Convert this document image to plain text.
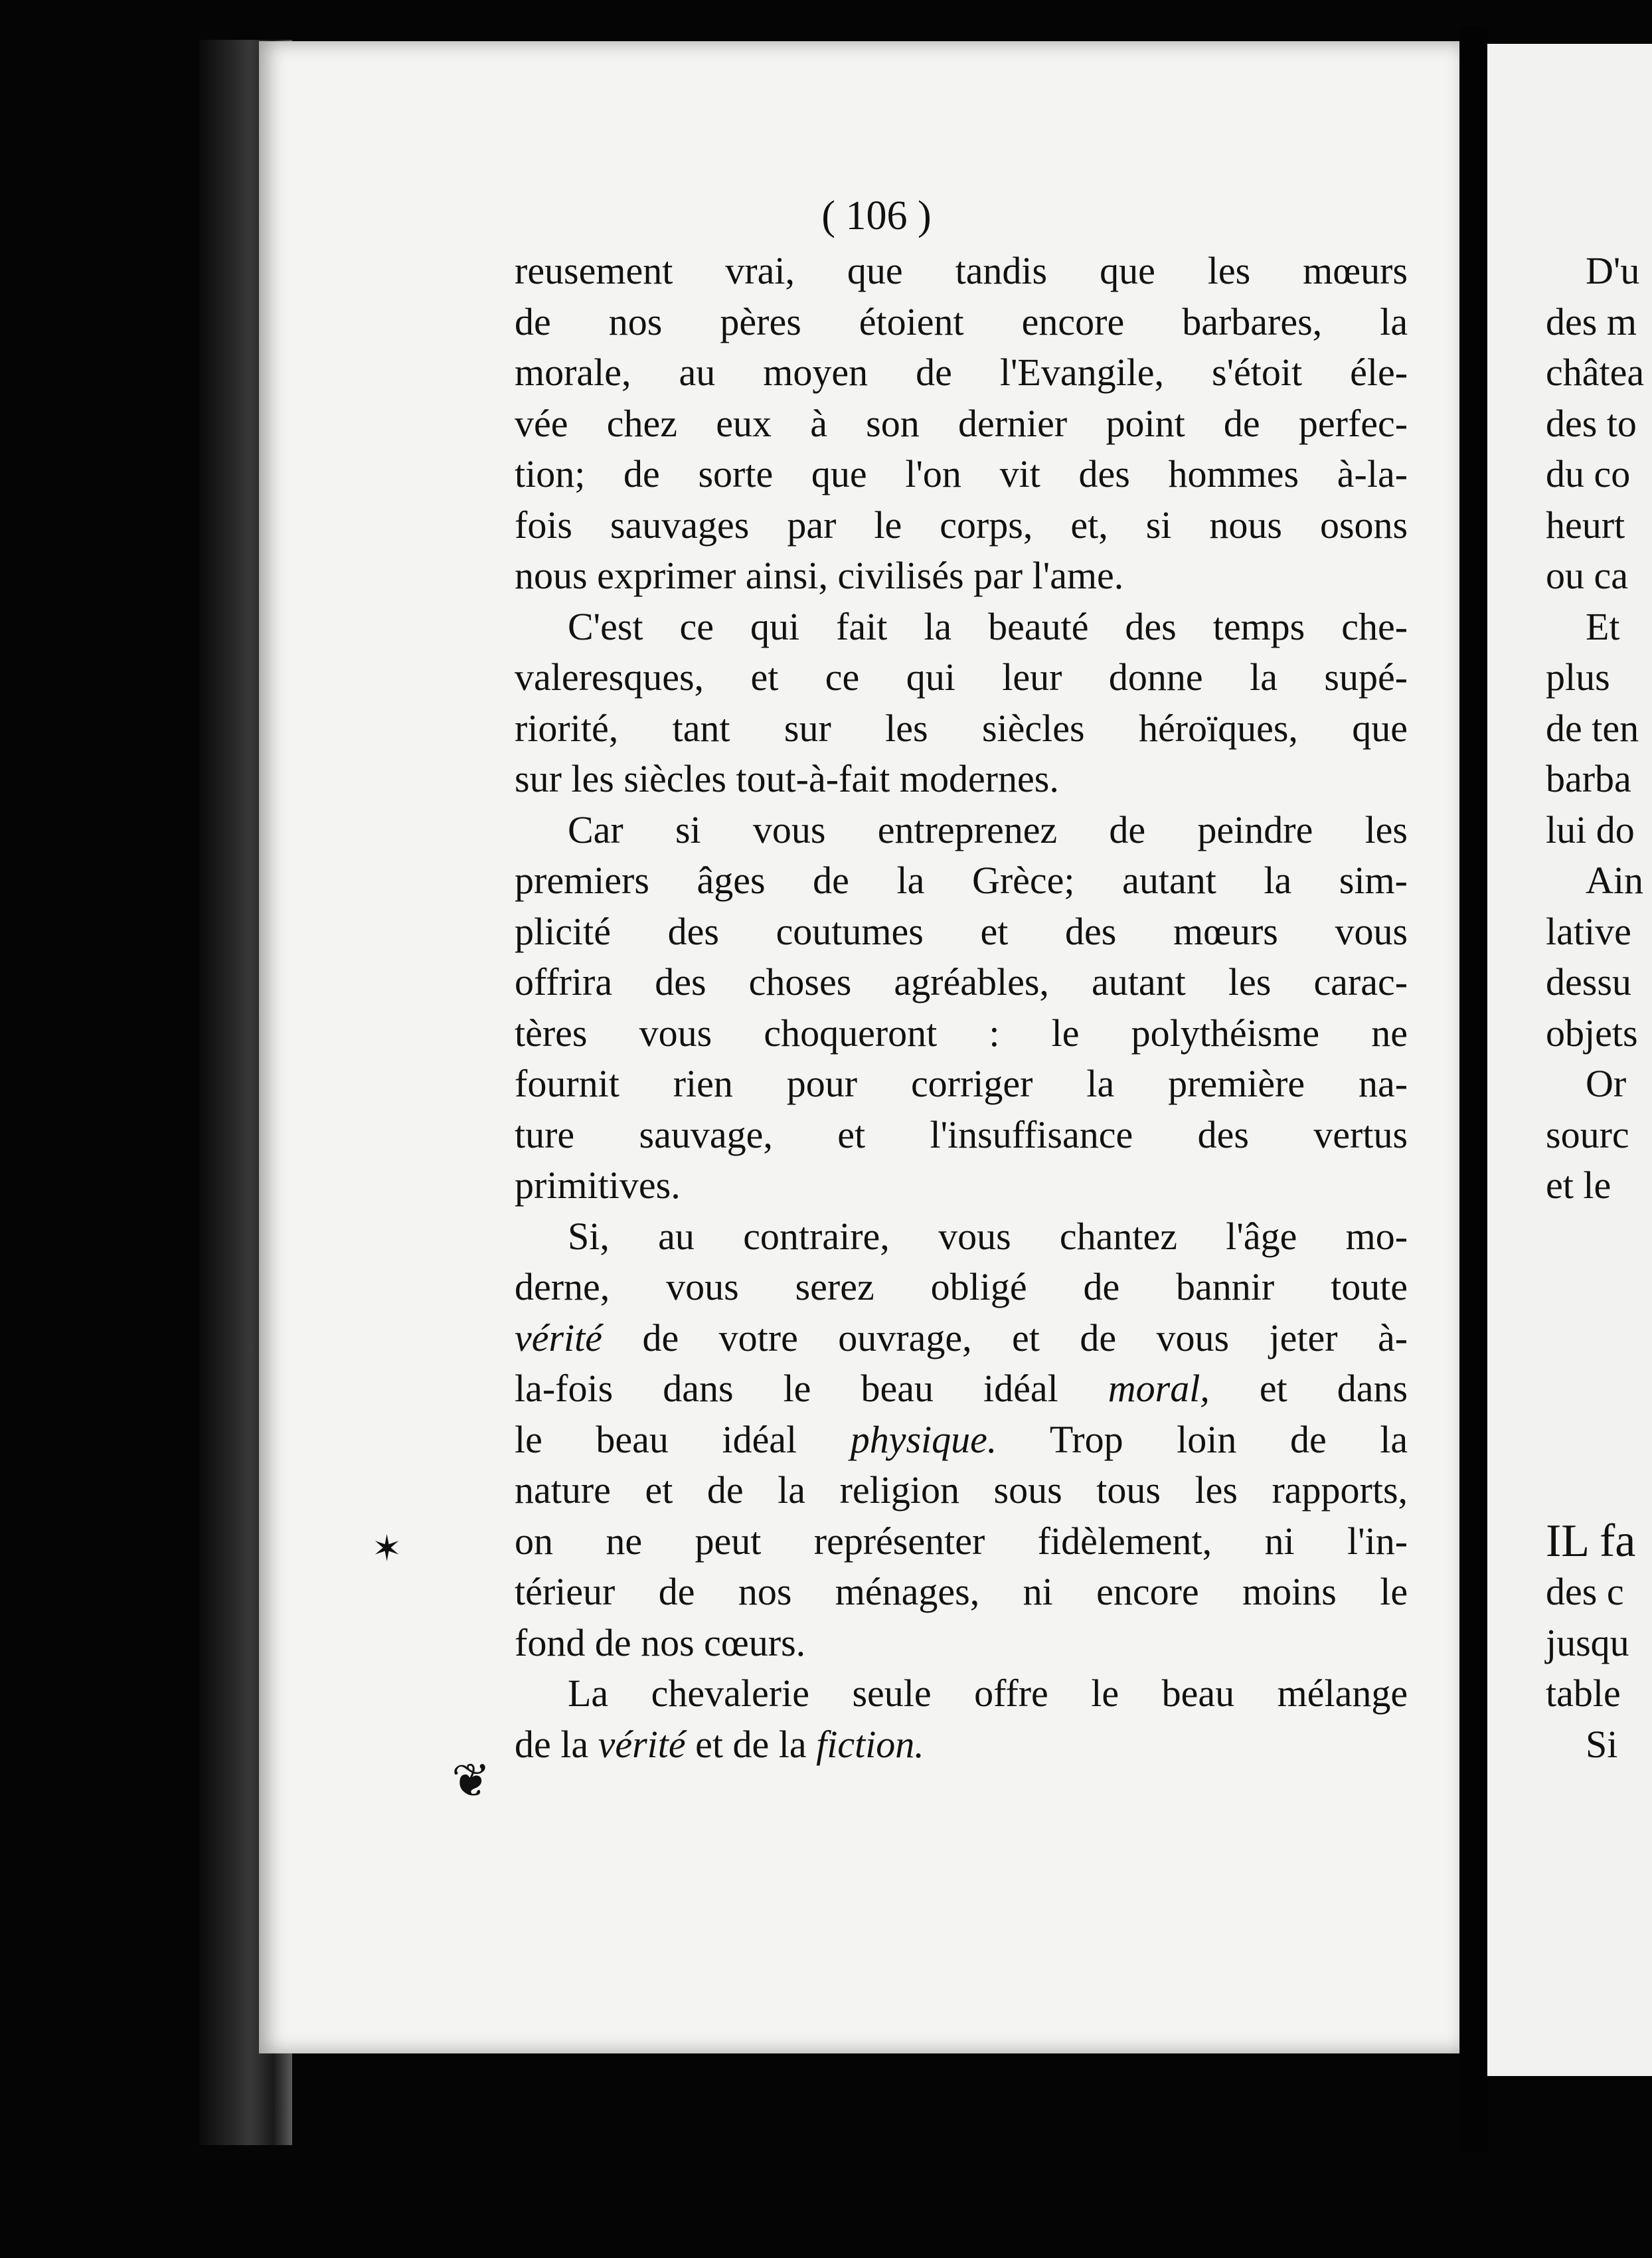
( 106 )
reusement vrai, que tandis que les mœurs
de nos pères étoient encore barbares, la
morale, au moyen de l'Evangile, s'étoit éle-
vée chez eux à son dernier point de perfec-
tion; de sorte que l'on vit des hommes à-la-
fois sauvages par le corps, et, si nous osons
nous exprimer ainsi, civilisés par l'ame.
C'est ce qui fait la beauté des temps che-
valeresques, et ce qui leur donne la supé-
riorité, tant sur les siècles héroïques, que
sur les siècles tout-à-fait modernes.
Car si vous entreprenez de peindre les
premiers âges de la Grèce; autant la sim-
plicité des coutumes et des mœurs vous
offrira des choses agréables, autant les carac-
tères vous choqueront : le polythéisme ne
fournit rien pour corriger la première na-
ture sauvage, et l'insuffisance des vertus
primitives.
Si, au contraire, vous chantez l'âge mo-
derne, vous serez obligé de bannir toute
vérité de votre ouvrage, et de vous jeter à-
la-fois dans le beau idéal moral, et dans
le beau idéal physique. Trop loin de la
nature et de la religion sous tous les rapports,
on ne peut représenter fidèlement, ni l'in-
térieur de nos ménages, ni encore moins le
fond de nos cœurs.
La chevalerie seule offre le beau mélange
de la vérité et de la fiction.
D'u
des m
châtea
des to
du co
heurt
ou ca
Et
plus
de ten
barba
lui do
Ain
lative
dessu
objets
Or
sourc
et le
IL fa
des c
jusqu
table
Si
✶
❦
